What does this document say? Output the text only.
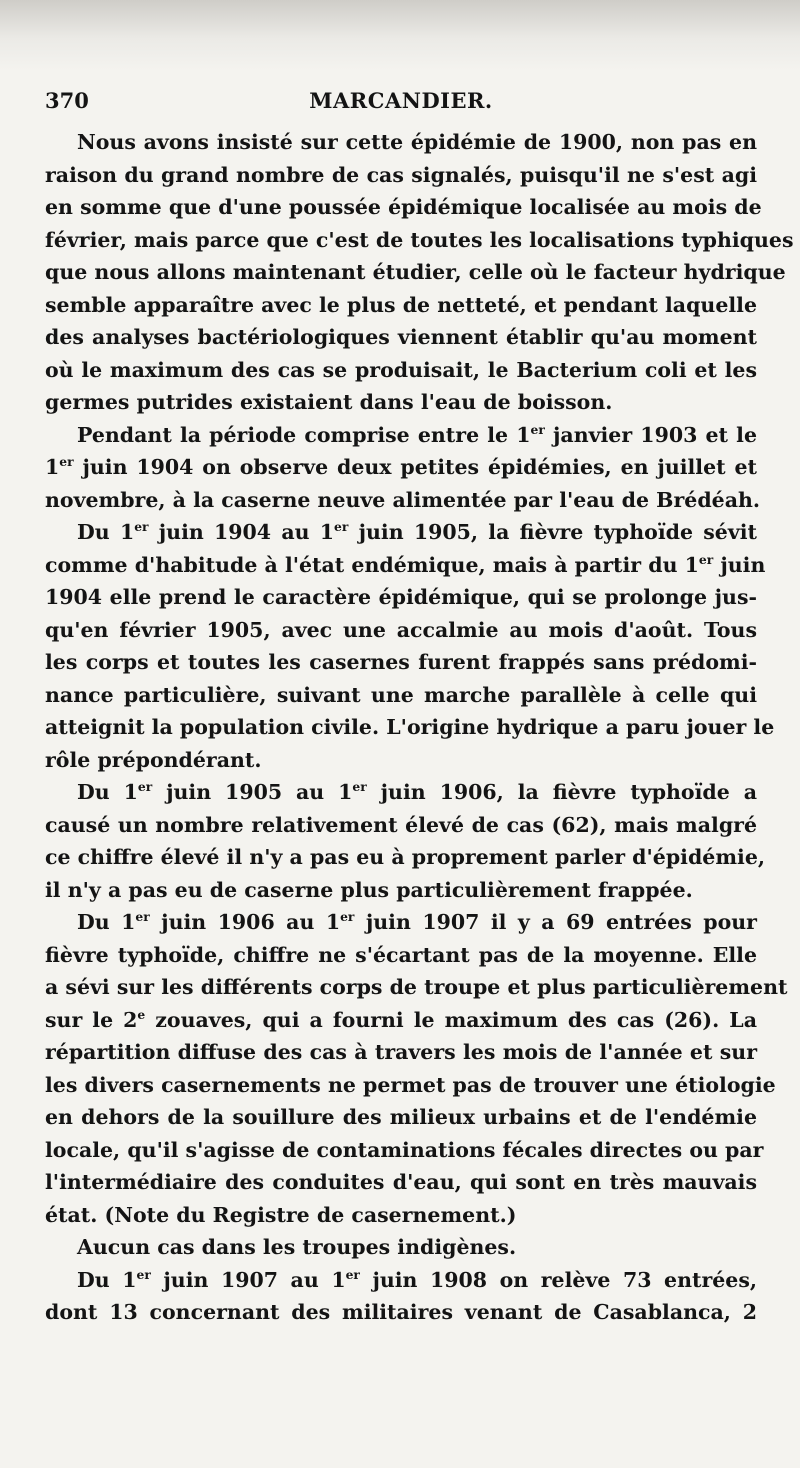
370	MARCANDIER.
Nous avons insisté sur cette épidémie de 1900, non pas en
raison du grand nombre de cas signalés, puisqu'il ne s'est agi
en somme que d'une poussée épidémique localisée au mois de
février, mais parce que c'est de toutes les localisations typhiques
que nous allons maintenant étudier, celle où le facteur hydrique
semble apparaître avec le plus de netteté, et pendant laquelle
des analyses bactériologiques viennent établir qu'au moment
où le maximum des cas se produisait, le Bacterium coli et les
germes putrides existaient dans l'eau de boisson.
Pendant la période comprise entre le 1er janvier 1903 et le
1er juin 1904 on observe deux petites épidémies, en juillet et
novembre, à la caserne neuve alimentée par l'eau de Brédéah.
Du 1er juin 1904 au 1er juin 1905, la fièvre typhoïde sévit
comme d'habitude à l'état endémique, mais à partir du 1er juin
1904 elle prend le caractère épidémique, qui se prolonge jus-
qu'en février 1905, avec une accalmie au mois d'août. Tous
les corps et toutes les casernes furent frappés sans prédomi-
nance particulière, suivant une marche parallèle à celle qui
atteignit la population civile. L'origine hydrique a paru jouer le
rôle prépondérant.
Du 1er juin 1905 au 1er juin 1906, la fièvre typhoïde a
causé un nombre relativement élevé de cas (62), mais malgré
ce chiffre élevé il n'y a pas eu à proprement parler d'épidémie,
il n'y a pas eu de caserne plus particulièrement frappée.
Du 1er juin 1906 au 1er juin 1907 il y a 69 entrées pour
fièvre typhoïde, chiffre ne s'écartant pas de la moyenne. Elle
a sévi sur les différents corps de troupe et plus particulièrement
sur le 2e zouaves, qui a fourni le maximum des cas (26). La
répartition diffuse des cas à travers les mois de l'année et sur
les divers casernements ne permet pas de trouver une étiologie
en dehors de la souillure des milieux urbains et de l'endémie
locale, qu'il s'agisse de contaminations fécales directes ou par
l'intermédiaire des conduites d'eau, qui sont en très mauvais
état. (Note du Registre de casernement.)
Aucun cas dans les troupes indigènes.
Du 1er juin 1907 au 1er juin 1908 on relève 73 entrées,
dont 13 concernant des militaires venant de Casablanca, 2
